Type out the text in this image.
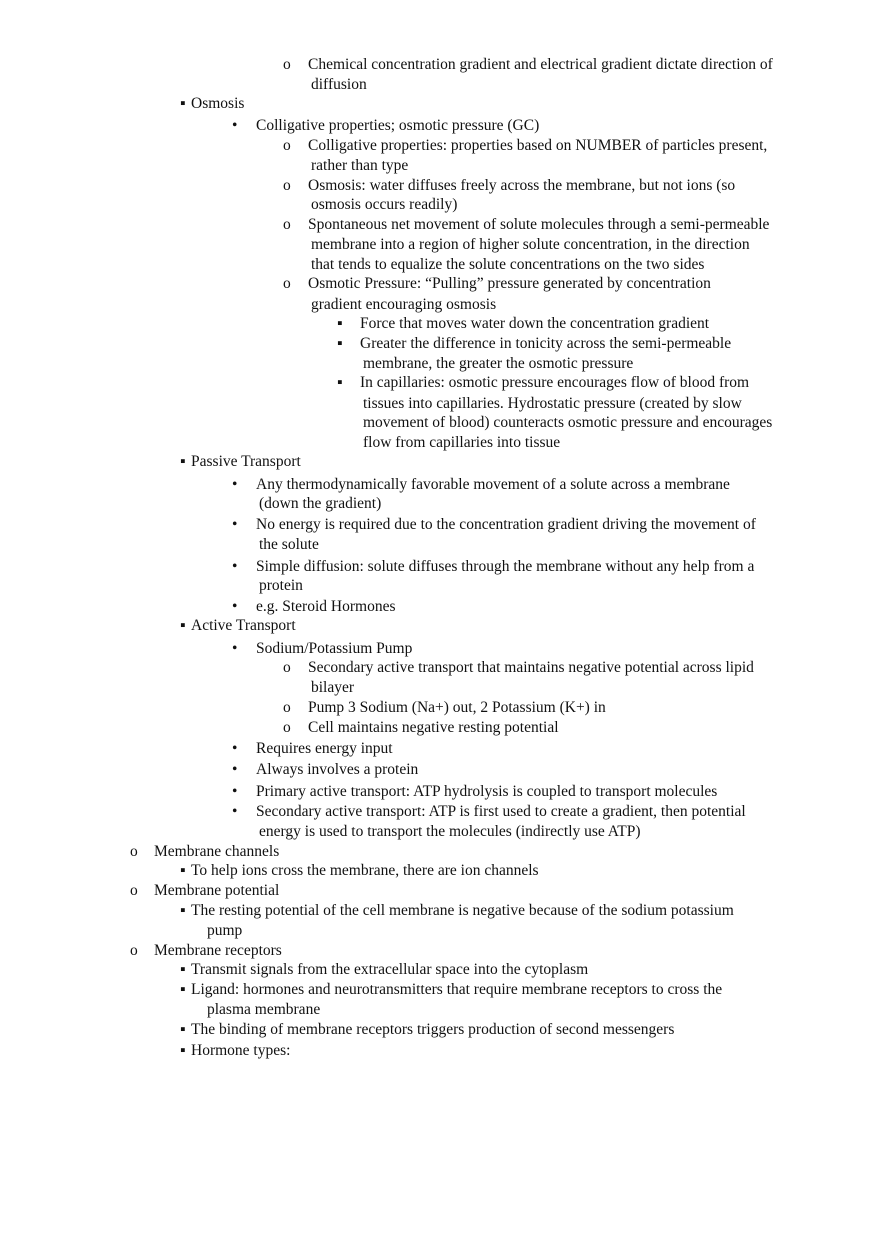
o Chemical concentration gradient and electrical gradient dictate direction of
diffusion
▪ Osmosis
• Colligative properties; osmotic pressure (GC)
o Colligative properties: properties based on NUMBER of particles present,
rather than type
o Osmosis: water diffuses freely across the membrane, but not ions (so
osmosis occurs readily)
o Spontaneous net movement of solute molecules through a semi-permeable
membrane into a region of higher solute concentration, in the direction
that tends to equalize the solute concentrations on the two sides
o Osmotic Pressure: “Pulling” pressure generated by concentration
gradient encouraging osmosis
▪ Force that moves water down the concentration gradient
▪ Greater the difference in tonicity across the semi-permeable
membrane, the greater the osmotic pressure
▪ In capillaries: osmotic pressure encourages flow of blood from
tissues into capillaries. Hydrostatic pressure (created by slow
movement of blood) counteracts osmotic pressure and encourages
flow from capillaries into tissue
▪ Passive Transport
• Any thermodynamically favorable movement of a solute across a membrane
(down the gradient)
• No energy is required due to the concentration gradient driving the movement of
the solute
• Simple diffusion: solute diffuses through the membrane without any help from a
protein
• e.g. Steroid Hormones
▪ Active Transport
• Sodium/Potassium Pump
o Secondary active transport that maintains negative potential across lipid
bilayer
o Pump 3 Sodium (Na+) out, 2 Potassium (K+) in
o Cell maintains negative resting potential
• Requires energy input
• Always involves a protein
• Primary active transport: ATP hydrolysis is coupled to transport molecules
• Secondary active transport: ATP is first used to create a gradient, then potential
energy is used to transport the molecules (indirectly use ATP)
o Membrane channels
▪ To help ions cross the membrane, there are ion channels
o Membrane potential
▪ The resting potential of the cell membrane is negative because of the sodium potassium
pump
o Membrane receptors
▪ Transmit signals from the extracellular space into the cytoplasm
▪ Ligand: hormones and neurotransmitters that require membrane receptors to cross the
plasma membrane
▪ The binding of membrane receptors triggers production of second messengers
▪ Hormone types:
